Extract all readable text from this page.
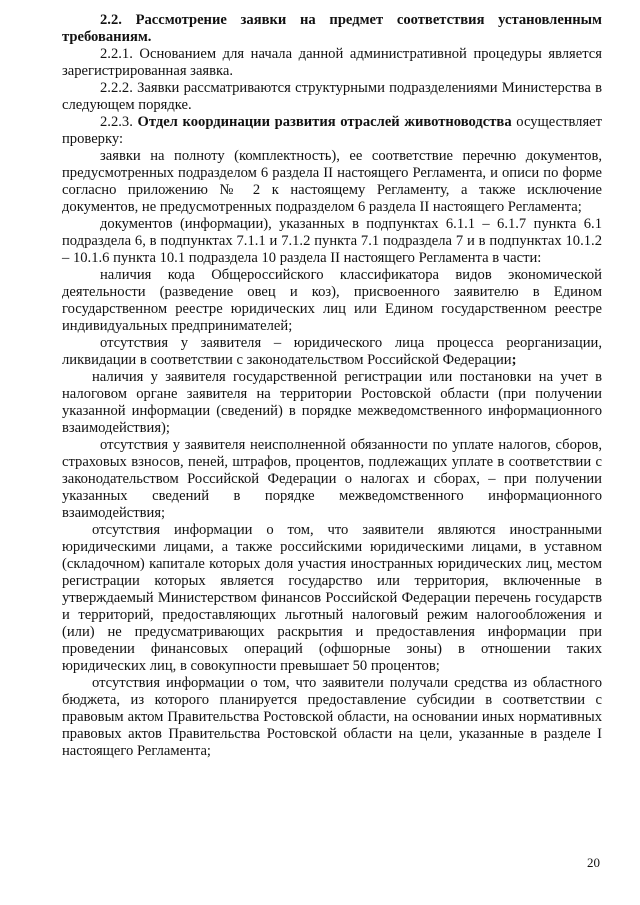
2.2. Рассмотрение заявки на предмет соответствия установленным требованиям.

2.2.1. Основанием для начала данной административной процедуры является зарегистрированная заявка.

2.2.2. Заявки рассматриваются структурными подразделениями Министерства в следующем порядке.

2.2.3. Отдел координации развития отраслей животноводства осуществляет проверку:

заявки на полноту (комплектность), ее соответствие перечню документов, предусмотренных подразделом 6 раздела II настоящего Регламента, и описи по форме согласно приложению № 2 к настоящему Регламенту, а также исключение документов, не предусмотренных подразделом 6 раздела II настоящего Регламента;

документов (информации), указанных в подпунктах 6.1.1 – 6.1.7 пункта 6.1 подраздела 6, в подпунктах 7.1.1 и 7.1.2 пункта 7.1 подраздела 7 и в подпунктах 10.1.2 – 10.1.6 пункта 10.1 подраздела 10 раздела II настоящего Регламента в части:

наличия кода Общероссийского классификатора видов экономической деятельности (разведение овец и коз), присвоенного заявителю в Едином государственном реестре юридических лиц или Едином государственном реестре индивидуальных предпринимателей;

отсутствия у заявителя – юридического лица процесса реорганизации, ликвидации в соответствии с законодательством Российской Федерации;

наличия у заявителя государственной регистрации или постановки на учет в налоговом органе заявителя на территории Ростовской области (при получении указанной информации (сведений) в порядке межведомственного информационного взаимодействия);

отсутствия у заявителя неисполненной обязанности по уплате налогов, сборов, страховых взносов, пеней, штрафов, процентов, подлежащих уплате в соответствии с законодательством Российской Федерации о налогах и сборах, – при получении указанных сведений в порядке межведомственного информационного взаимодействия;

отсутствия информации о том, что заявители являются иностранными юридическими лицами, а также российскими юридическими лицами, в уставном (складочном) капитале которых доля участия иностранных юридических лиц, местом регистрации которых является государство или территория, включенные в утверждаемый Министерством финансов Российской Федерации перечень государств и территорий, предоставляющих льготный налоговый режим налогообложения и (или) не предусматривающих раскрытия и предоставления информации при проведении финансовых операций (офшорные зоны) в отношении таких юридических лиц, в совокупности превышает 50 процентов;

отсутствия информации о том, что заявители получали средства из областного бюджета, из которого планируется предоставление субсидии в соответствии с правовым актом Правительства Ростовской области, на основании иных нормативных правовых актов Правительства Ростовской области на цели, указанные в разделе I настоящего Регламента;

20
